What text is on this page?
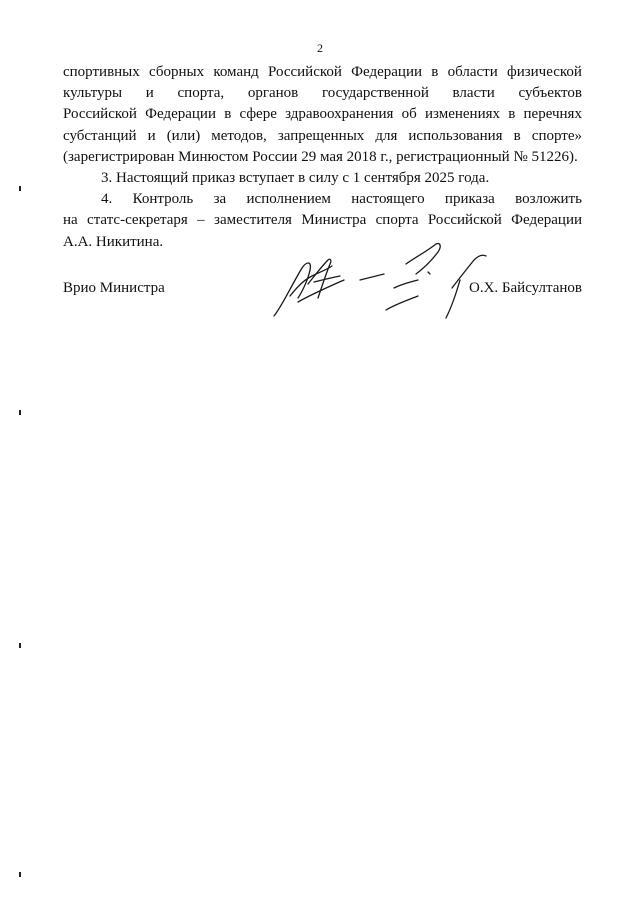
2
спортивных сборных команд Российской Федерации в области физической
культуры и спорта, органов государственной власти субъектов
Российской Федерации в сфере здравоохранения об изменениях в перечнях
субстанций и (или) методов, запрещенных для использования в спорте»
(зарегистрирован Минюстом России 29 мая 2018 г., регистрационный № 51226).
3. Настоящий приказ вступает в силу с 1 сентября 2025 года.
4. Контроль за исполнением настоящего приказа возложить
на статс-секретаря – заместителя Министра спорта Российской Федерации
А.А. Никитина.
Врио Министра	О.Х. Байсултанов
